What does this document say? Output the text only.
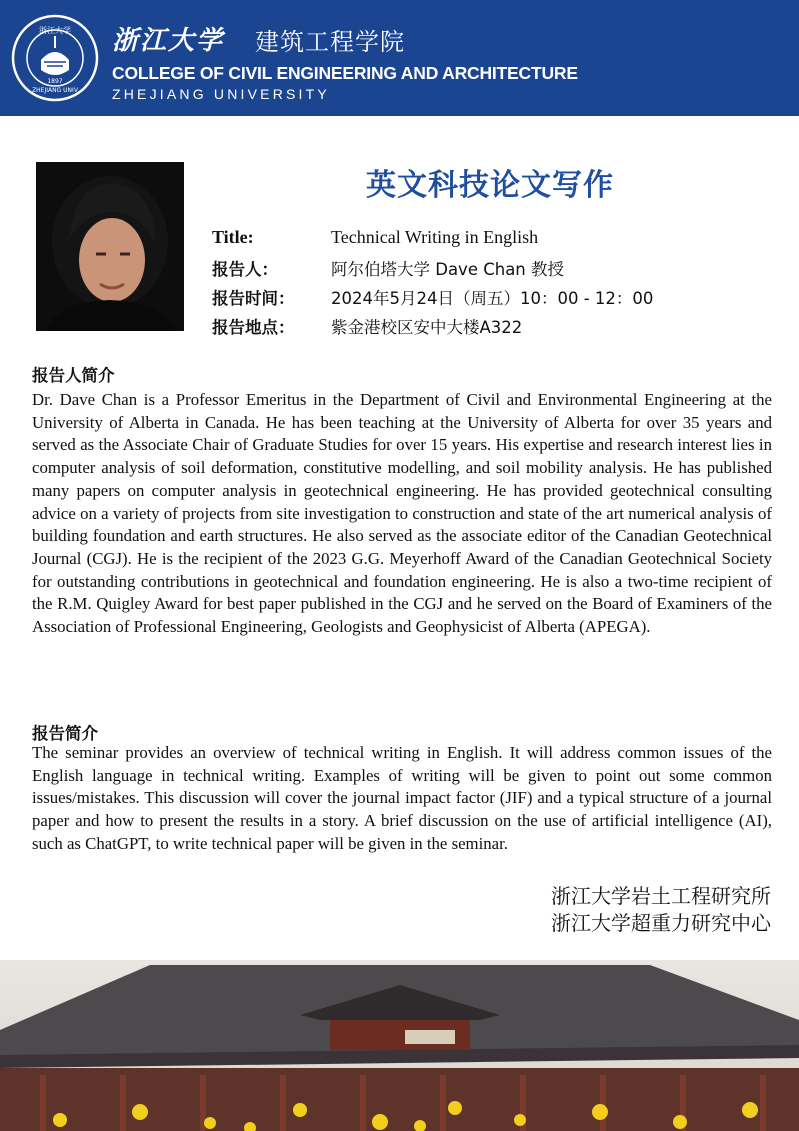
浙江大学
ZHEJIANG UNIV
1897
浙江大学 建筑工程学院
COLLEGE OF CIVIL ENGINEERING AND ARCHITECTURE
ZHEJIANG UNIVERSITY
英文科技论文写作
Title:	Technical Writing in English
报告人：	阿尔伯塔大学 Dave Chan 教授
报告时间： 2024年5月24日（周五）10：00 - 12：00
报告地点： 紫金港校区安中大楼A322
报告人简介
Dr. Dave Chan is a Professor Emeritus in the Department of Civil and Environmental Engineering at the University of Alberta in Canada. He has been teaching at the University of Alberta for over 35 years and served as the Associate Chair of Graduate Studies for over 15 years. His expertise and research interest lies in computer analysis of soil deformation, constitutive modelling, and soil mobility analysis. He has published many papers on computer analysis in geotechnical engineering. He has provided geotechnical consulting advice on a variety of projects from site investigation to construction and state of the art numerical analysis of building foundation and earth structures. He also served as the associate editor of the Canadian Geotechnical Journal (CGJ). He is the recipient of the 2023 G.G. Meyerhoff Award of the Canadian Geotechnical Society for outstanding contributions in geotechnical and foundation engineering. He is also a two-time recipient of the R.M. Quigley Award for best paper published in the CGJ and he served on the Board of Examiners of the Association of Professional Engineering, Geologists and Geophysicist of Alberta (APEGA).
报告简介
The seminar provides an overview of technical writing in English. It will address common issues of the English language in technical writing. Examples of writing will be given to point out some common issues/mistakes. This discussion will cover the journal impact factor (JIF) and a typical structure of a journal paper and how to present the results in a story. A brief discussion on the use of artificial intelligence (AI), such as ChatGPT, to write technical paper will be given in the seminar.
浙江大学岩土工程研究所
浙江大学超重力研究中心
